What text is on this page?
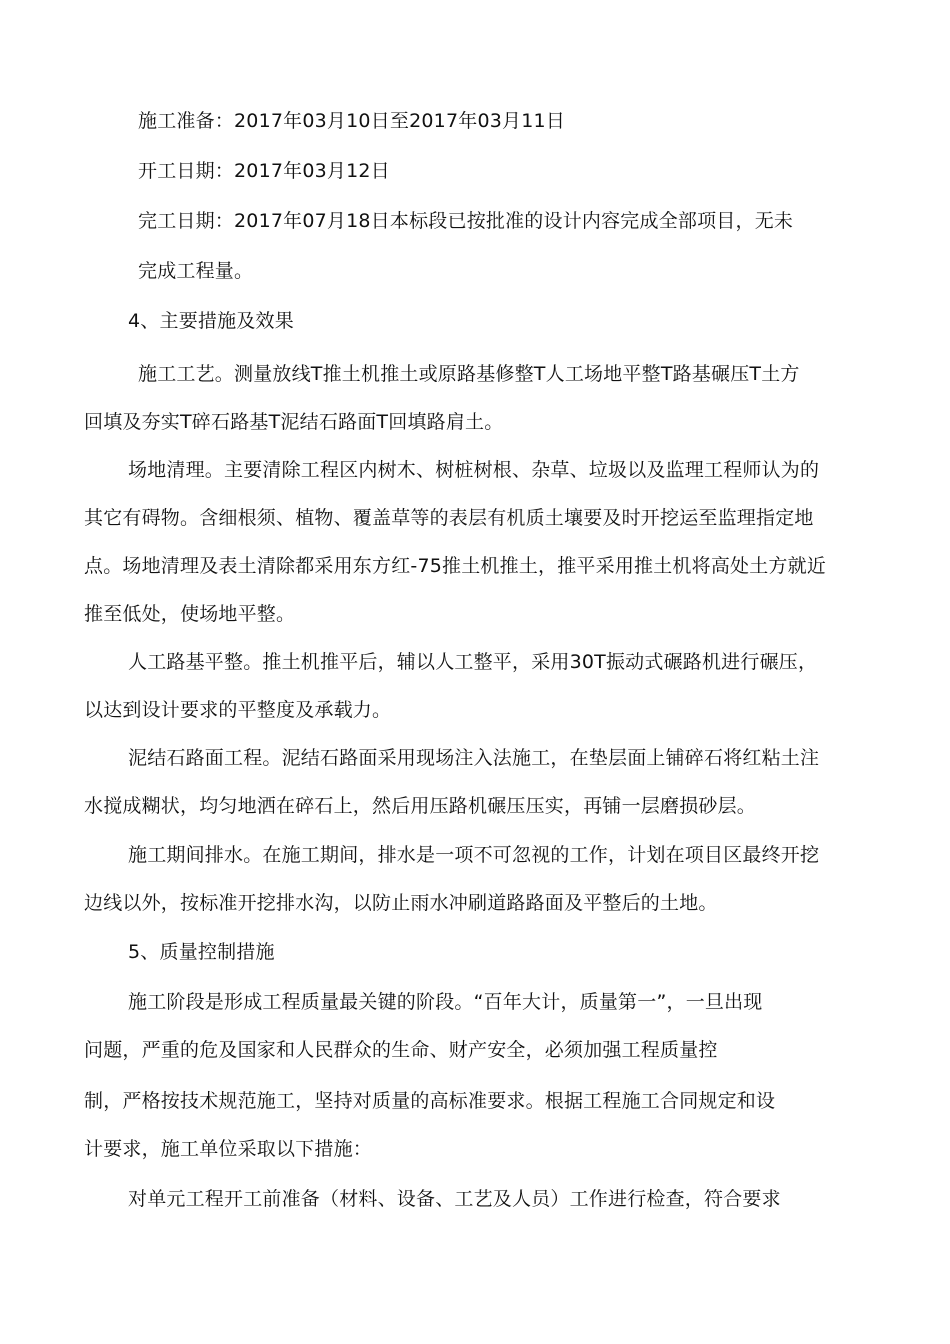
施工准备：2017年03月10日至2017年03月11日
开工日期：2017年03月12日
完工日期：2017年07月18日本标段已按批准的设计内容完成全部项目，无未
完成工程量。
4、主要措施及效果
施工工艺。测量放线T推土机推土或原路基修整T人工场地平整T路基碾压T土方
回填及夯实T碎石路基T泥结石路面T回填路肩土。
场地清理。主要清除工程区内树木、树桩树根、杂草、垃圾以及监理工程师认为的
其它有碍物。含细根须、植物、覆盖草等的表层有机质土壤要及时开挖运至监理指定地
点。场地清理及表土清除都采用东方红-75推土机推土，推平采用推土机将高处土方就近
推至低处，使场地平整。
人工路基平整。推土机推平后，辅以人工整平，采用30T振动式碾路机进行碾压，
以达到设计要求的平整度及承载力。
泥结石路面工程。泥结石路面采用现场注入法施工，在垫层面上铺碎石将红粘土注
水搅成糊状，均匀地洒在碎石上，然后用压路机碾压压实，再铺一层磨损砂层。
施工期间排水。在施工期间，排水是一项不可忽视的工作，计划在项目区最终开挖
边线以外，按标准开挖排水沟，以防止雨水冲刷道路路面及平整后的土地。
5、质量控制措施
施工阶段是形成工程质量最关键的阶段。“百年大计，质量第一”，一旦出现
问题，严重的危及国家和人民群众的生命、财产安全，必须加强工程质量控
制，严格按技术规范施工，坚持对质量的高标准要求。根据工程施工合同规定和设
计要求，施工单位采取以下措施：
对单元工程开工前准备（材料、设备、工艺及人员）工作进行检查，符合要求
